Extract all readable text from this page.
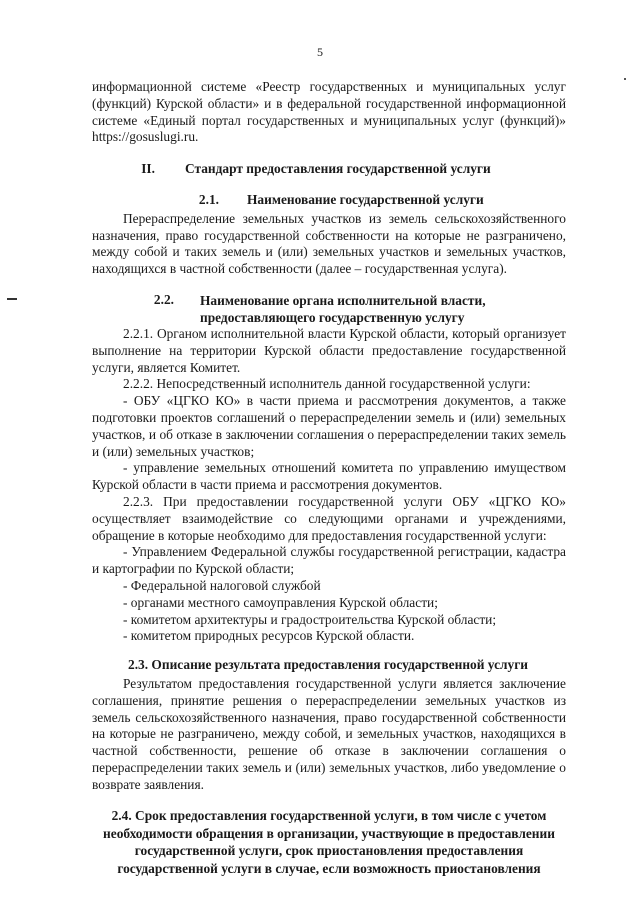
5

информационной системе «Реестр государственных и муниципальных услуг (функций) Курской области» и в федеральной государственной информационной системе «Единый портал государственных и муниципальных услуг (функций)» https://gosuslugi.ru.

II.	Стандарт предоставления государственной услуги
2.1.	Наименование государственной услуги

Перераспределение земельных участков из земель сельскохозяйственного назначения, право государственной собственности на которые не разграничено, между собой и таких земель и (или) земельных участков и земельных участков, находящихся в частной собственности (далее – государственная услуга).

2.2.	Наименование органа исполнительной власти,
предоставляющего государственную услугу

2.2.1. Органом исполнительной власти Курской области, который организует выполнение на территории Курской области предоставление государственной услуги, является Комитет.

2.2.2. Непосредственный исполнитель данной государственной услуги:

- ОБУ «ЦГКО КО» в части приема и рассмотрения документов, а также подготовки проектов соглашений о перераспределении земель и (или) земельных участков, и об отказе в заключении соглашения о перераспределении таких земель и (или) земельных участков;

- управление земельных отношений комитета по управлению имуществом Курской области в части приема и рассмотрения документов.

2.2.3. При предоставлении государственной услуги ОБУ «ЦГКО КО» осуществляет взаимодействие со следующими органами и учреждениями, обращение в которые необходимо для предоставления государственной услуги:

- Управлением Федеральной службы государственной регистрации, кадастра и картографии по Курской области;

- Федеральной налоговой службой

- органами местного самоуправления Курской области;

- комитетом архитектуры и градостроительства Курской области;

- комитетом природных ресурсов Курской области.

2.3. Описание результата предоставления государственной услуги

Результатом предоставления государственной услуги является заключение соглашения, принятие решения о перераспределении земельных участков из земель сельскохозяйственного назначения, право государственной собственности на которые не разграничено, между собой, и земельных участков, находящихся в частной собственности, решение об отказе в заключении соглашения о перераспределении таких земель и (или) земельных участков, либо уведомление о возврате заявления.

2.4. Срок предоставления государственной услуги, в том числе с учетом
необходимости обращения в организации, участвующие в предоставлении
государственной услуги, срок приостановления предоставления
государственной услуги в случае, если возможность приостановления
